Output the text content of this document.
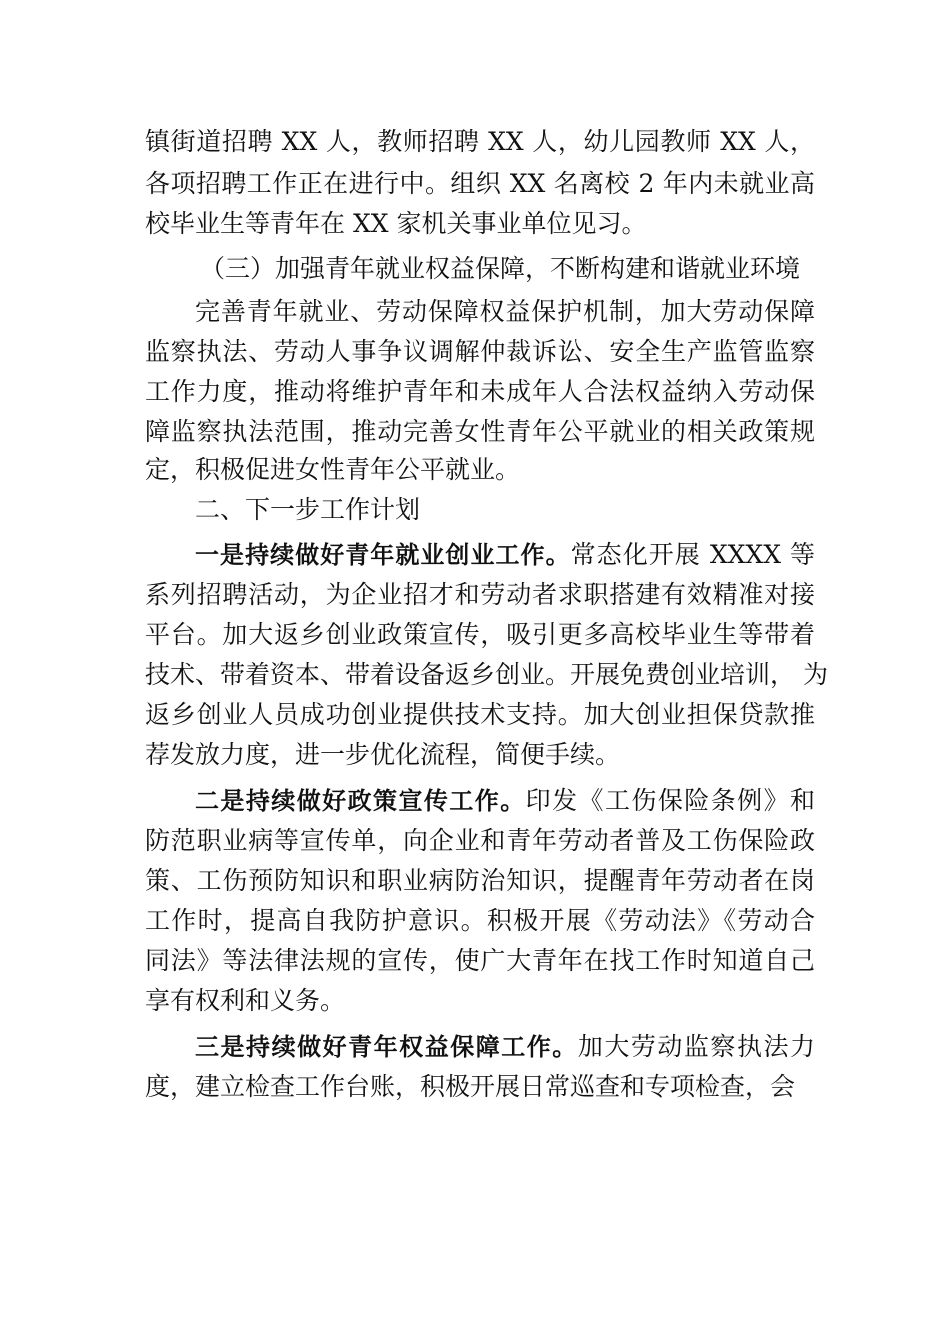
镇街道招聘 XX 人，教师招聘 XX 人，幼儿园教师 XX 人，
各项招聘工作正在进行中。组织 XX 名离校 2 年内未就业高
校毕业生等青年在 XX 家机关事业单位见习。
（三）加强青年就业权益保障，不断构建和谐就业环境
完善青年就业、劳动保障权益保护机制，加大劳动保障
监察执法、劳动人事争议调解仲裁诉讼、安全生产监管监察
工作力度，推动将维护青年和未成年人合法权益纳入劳动保
障监察执法范围，推动完善女性青年公平就业的相关政策规
定，积极促进女性青年公平就业。
二、下一步工作计划
一是持续做好青年就业创业工作。常态化开展 XXXX 等
系列招聘活动，为企业招才和劳动者求职搭建有效精准对接
平台。加大返乡创业政策宣传，吸引更多高校毕业生等带着
技术、带着资本、带着设备返乡创业。开展免费创业培训， 为
返乡创业人员成功创业提供技术支持。加大创业担保贷款推
荐发放力度，进一步优化流程，简便手续。
二是持续做好政策宣传工作。印发《工伤保险条例》和
防范职业病等宣传单，向企业和青年劳动者普及工伤保险政
策、工伤预防知识和职业病防治知识，提醒青年劳动者在岗
工作时，提高自我防护意识。积极开展《劳动法》《劳动合
同法》等法律法规的宣传，使广大青年在找工作时知道自己
享有权利和义务。
三是持续做好青年权益保障工作。加大劳动监察执法力
度，建立检查工作台账，积极开展日常巡查和专项检查，会
